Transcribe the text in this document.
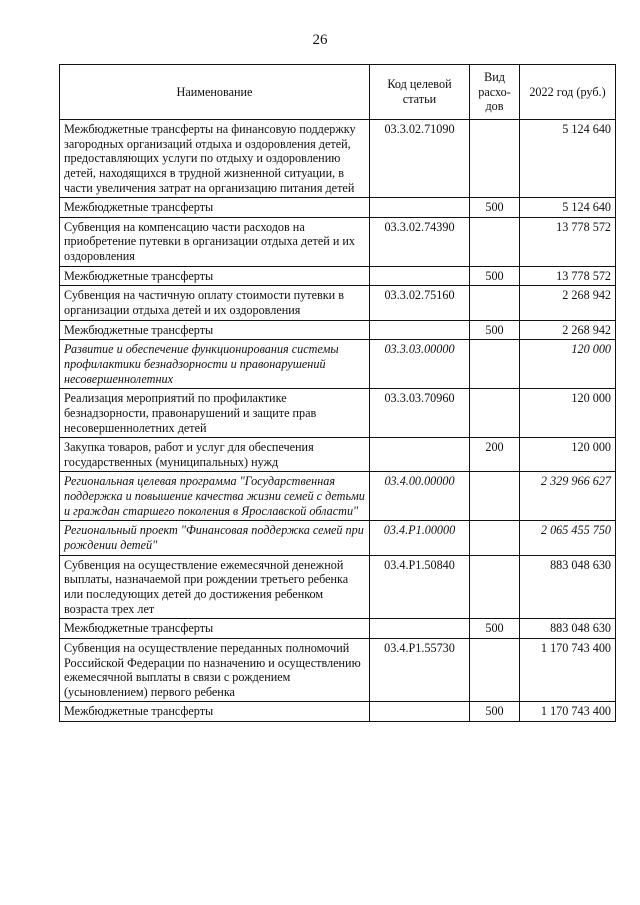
26
Наименование	Код целевой статьи	Вид расхо-дов	2022 год (руб.)
Межбюджетные трансферты на финансовую поддержку загородных организаций отдыха и оздоровления детей, предоставляющих услуги по отдыху и оздоровлению детей, находящихся в трудной жизненной ситуации, в части увеличения затрат на организацию питания детей	03.3.02.71090		5 124 640
Межбюджетные трансферты		500	5 124 640
Субвенция на компенсацию части расходов на приобретение путевки в организации отдыха детей и их оздоровления	03.3.02.74390		13 778 572
Межбюджетные трансферты		500	13 778 572
Субвенция на частичную оплату стоимости путевки в организации отдыха детей и их оздоровления	03.3.02.75160		2 268 942
Межбюджетные трансферты		500	2 268 942
Развитие и обеспечение функционирования системы профилактики безнадзорности и правонарушений несовершеннолетних	03.3.03.00000		120 000
Реализация мероприятий по профилактике безнадзорности, правонарушений и защите прав несовершеннолетних детей	03.3.03.70960		120 000
Закупка товаров, работ и услуг для обеспечения государственных (муниципальных) нужд		200	120 000
Региональная целевая программа "Государственная поддержка и повышение качества жизни семей с детьми и граждан старшего поколения в Ярославской области"	03.4.00.00000		2 329 966 627
Региональный проект "Финансовая поддержка семей при рождении детей"	03.4.P1.00000		2 065 455 750
Субвенция на осуществление ежемесячной денежной выплаты, назначаемой при рождении третьего ребенка или последующих детей до достижения ребенком возраста трех лет	03.4.P1.50840		883 048 630
Межбюджетные трансферты		500	883 048 630
Субвенция на осуществление переданных полномочий Российской Федерации по назначению и осуществлению ежемесячной выплаты в связи с рождением (усыновлением) первого ребенка	03.4.P1.55730		1 170 743 400
Межбюджетные трансферты		500	1 170 743 400
